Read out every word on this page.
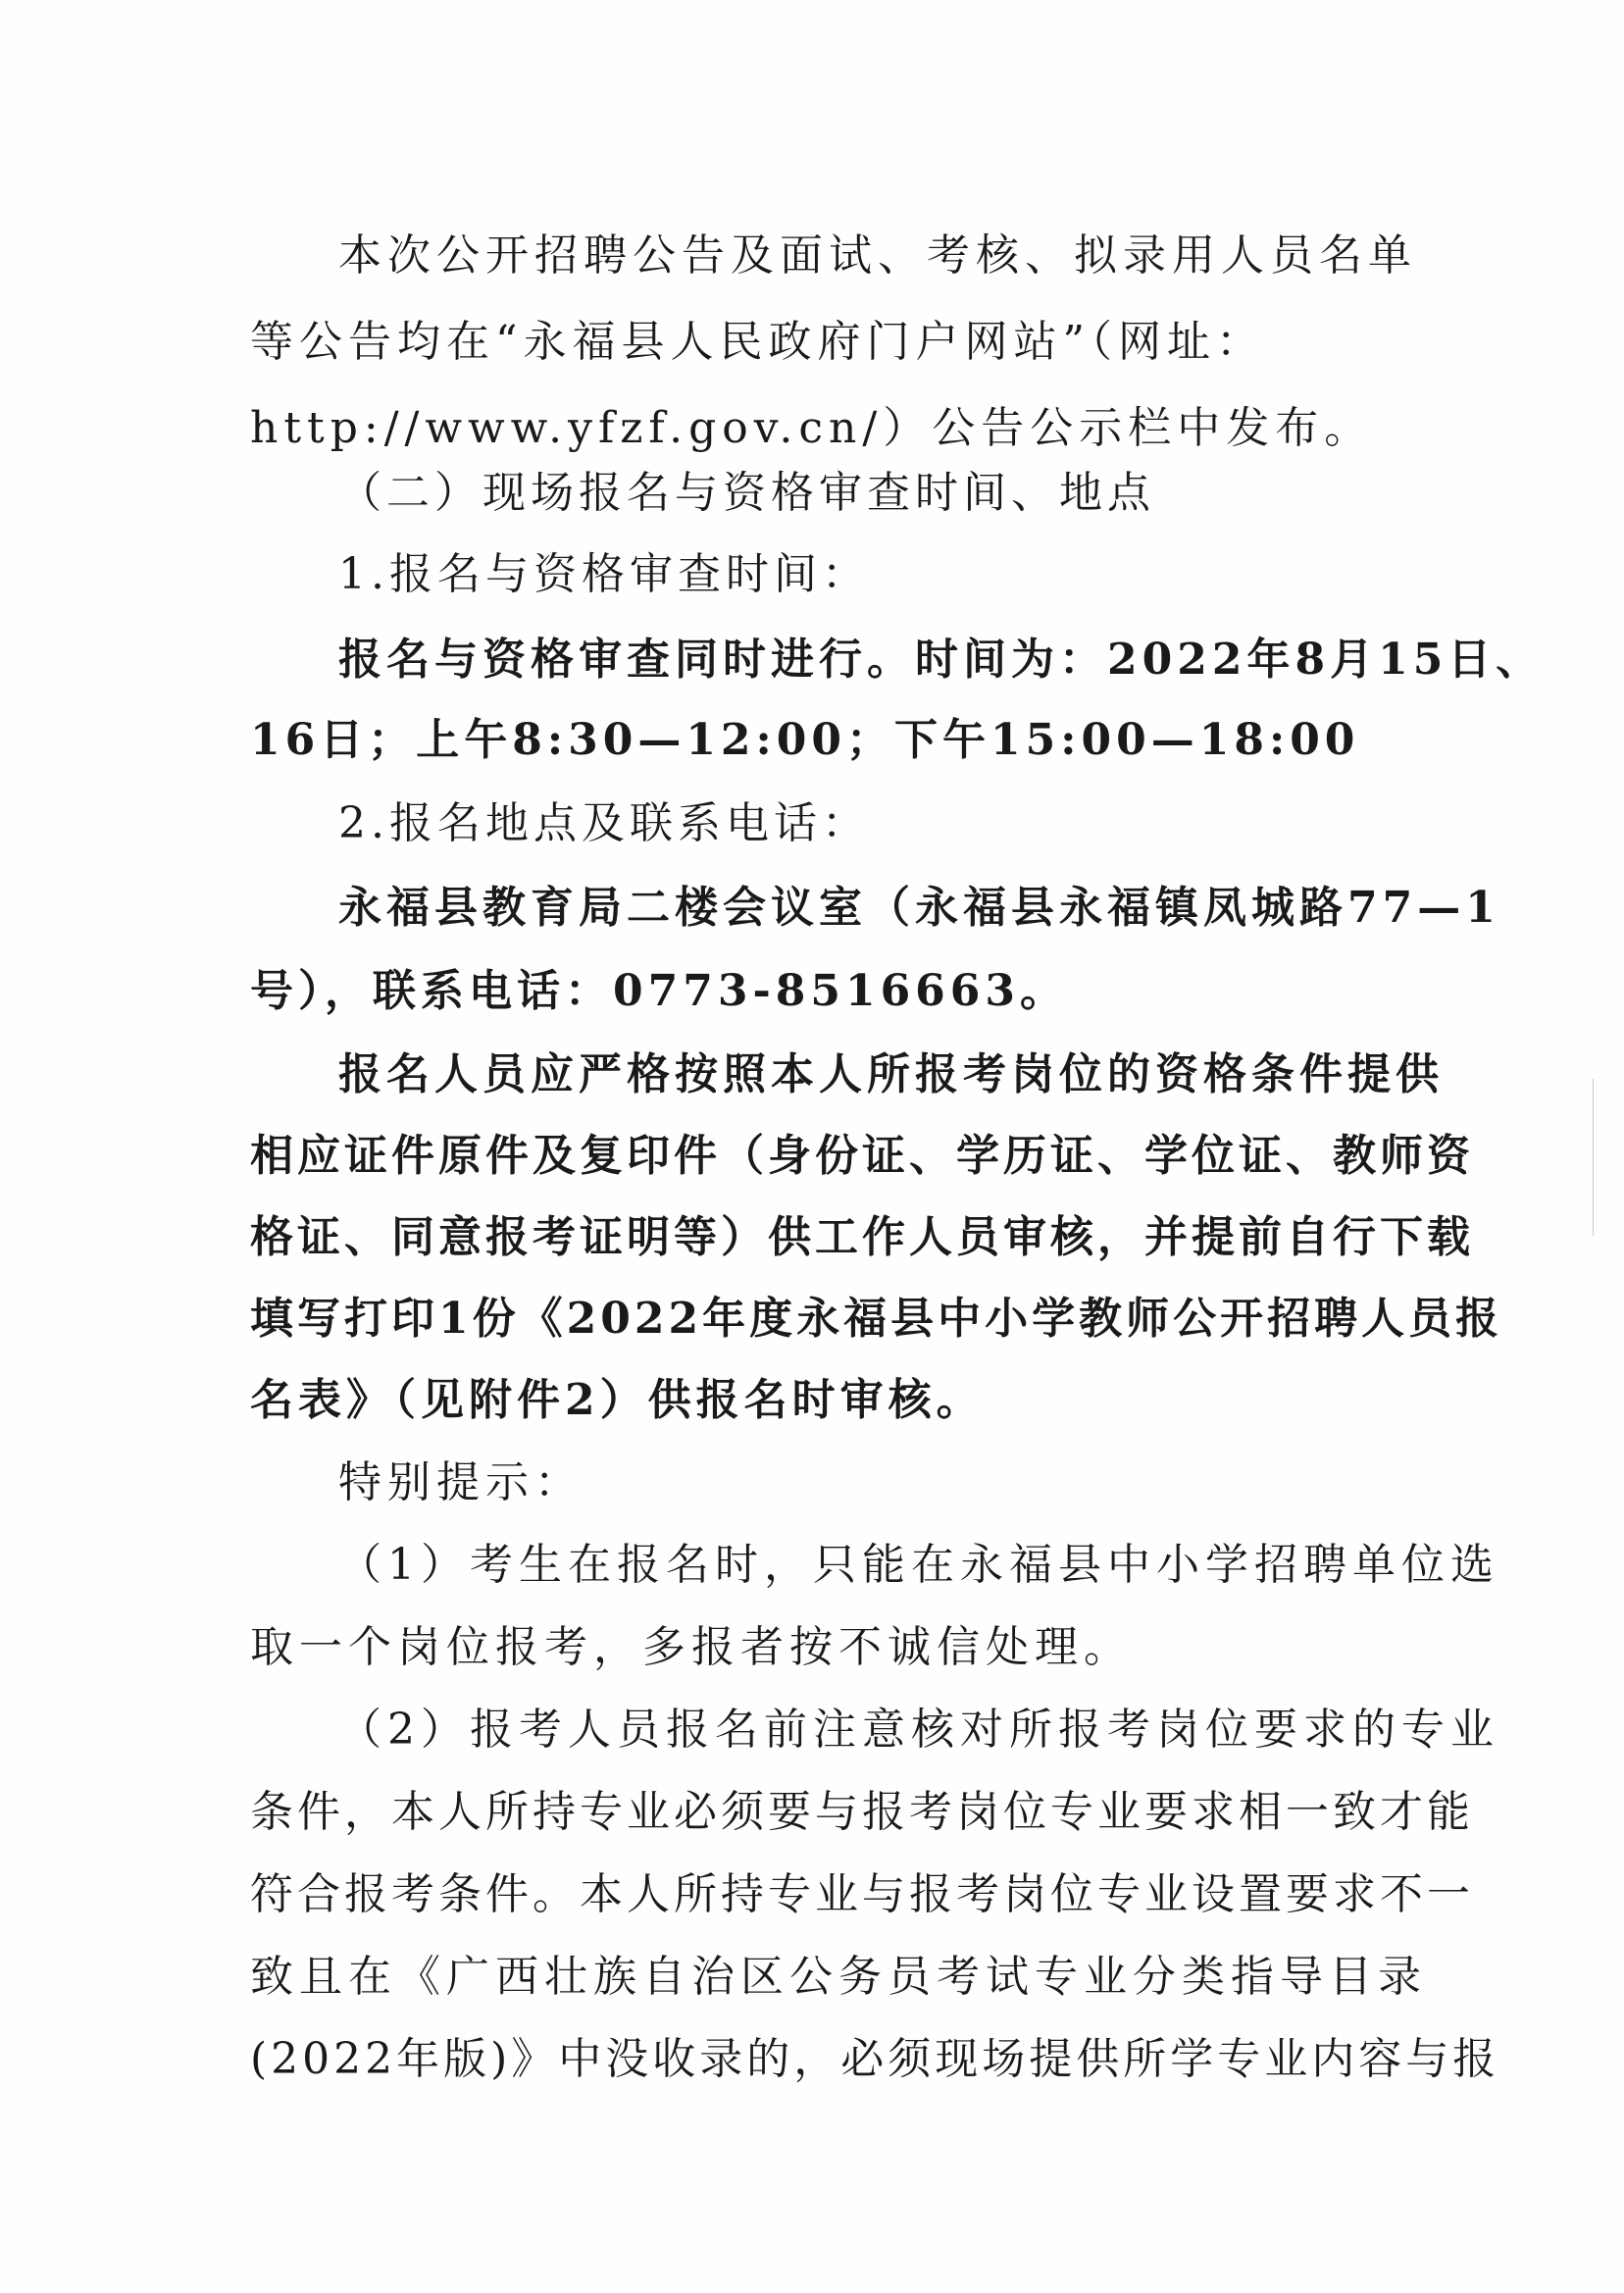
本次公开招聘公告及面试、考核、拟录用人员名单
等公告均在“永福县人民政府门户网站”（网址：
http://www.yfzf.gov.cn/）公告公示栏中发布。
（二）现场报名与资格审查时间、地点
1.报名与资格审查时间：
报名与资格审查同时进行。时间为：2022年8月15日、
16日；上午8:30—12:00；下午15:00—18:00
2.报名地点及联系电话：
永福县教育局二楼会议室（永福县永福镇凤城路77—1
号），联系电话：0773-8516663。
报名人员应严格按照本人所报考岗位的资格条件提供
相应证件原件及复印件（身份证、学历证、学位证、教师资
格证、同意报考证明等）供工作人员审核，并提前自行下载
填写打印1份《2022年度永福县中小学教师公开招聘人员报
名表》（见附件2）供报名时审核。
特别提示：
（1）考生在报名时，只能在永福县中小学招聘单位选
取一个岗位报考，多报者按不诚信处理。
（2）报考人员报名前注意核对所报考岗位要求的专业
条件，本人所持专业必须要与报考岗位专业要求相一致才能
符合报考条件。本人所持专业与报考岗位专业设置要求不一
致且在《广西壮族自治区公务员考试专业分类指导目录
(2022年版)》中没收录的，必须现场提供所学专业内容与报
